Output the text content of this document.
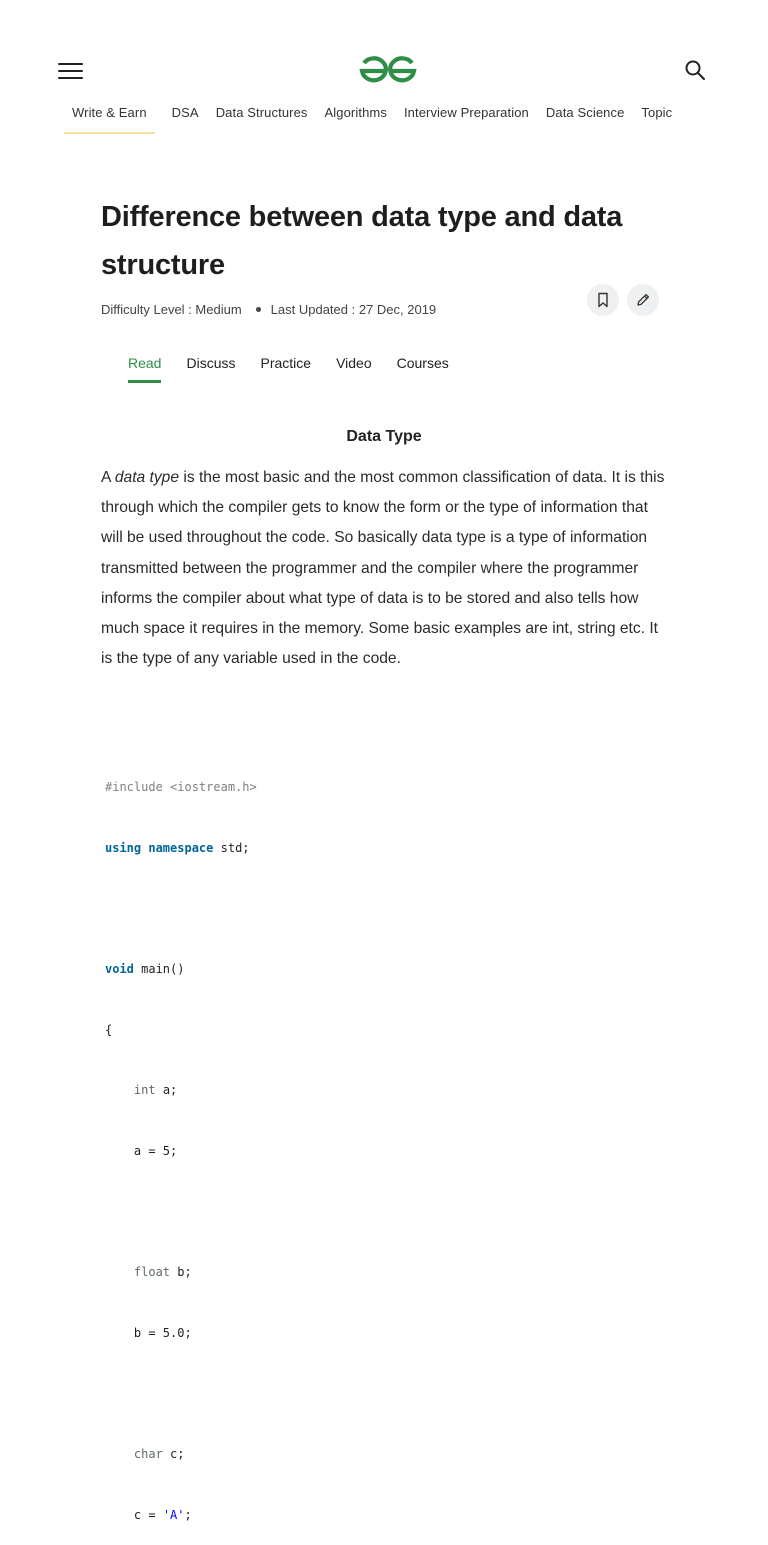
Write & Earn DSA Data Structures Algorithms Interview Preparation Data Science Topic
Difference between data type and data structure
Difficulty Level : Medium Last Updated : 27 Dec, 2019
Read Discuss Practice Video Courses
Data Type

A data type is the most basic and the most common classification of data. It is this through which the compiler gets to know the form or the type of information that will be used throughout the code. So basically data type is a type of information transmitted between the programmer and the compiler where the programmer informs the compiler about what type of data is to be stored and also tells how much space it requires in the memory. Some basic examples are int, string etc. It is the type of any variable used in the code.

#include <iostream.h>

using namespace std;

void main()

{

int a;

a = 5;

float b;

b = 5.0;

char c;

c = 'A';
